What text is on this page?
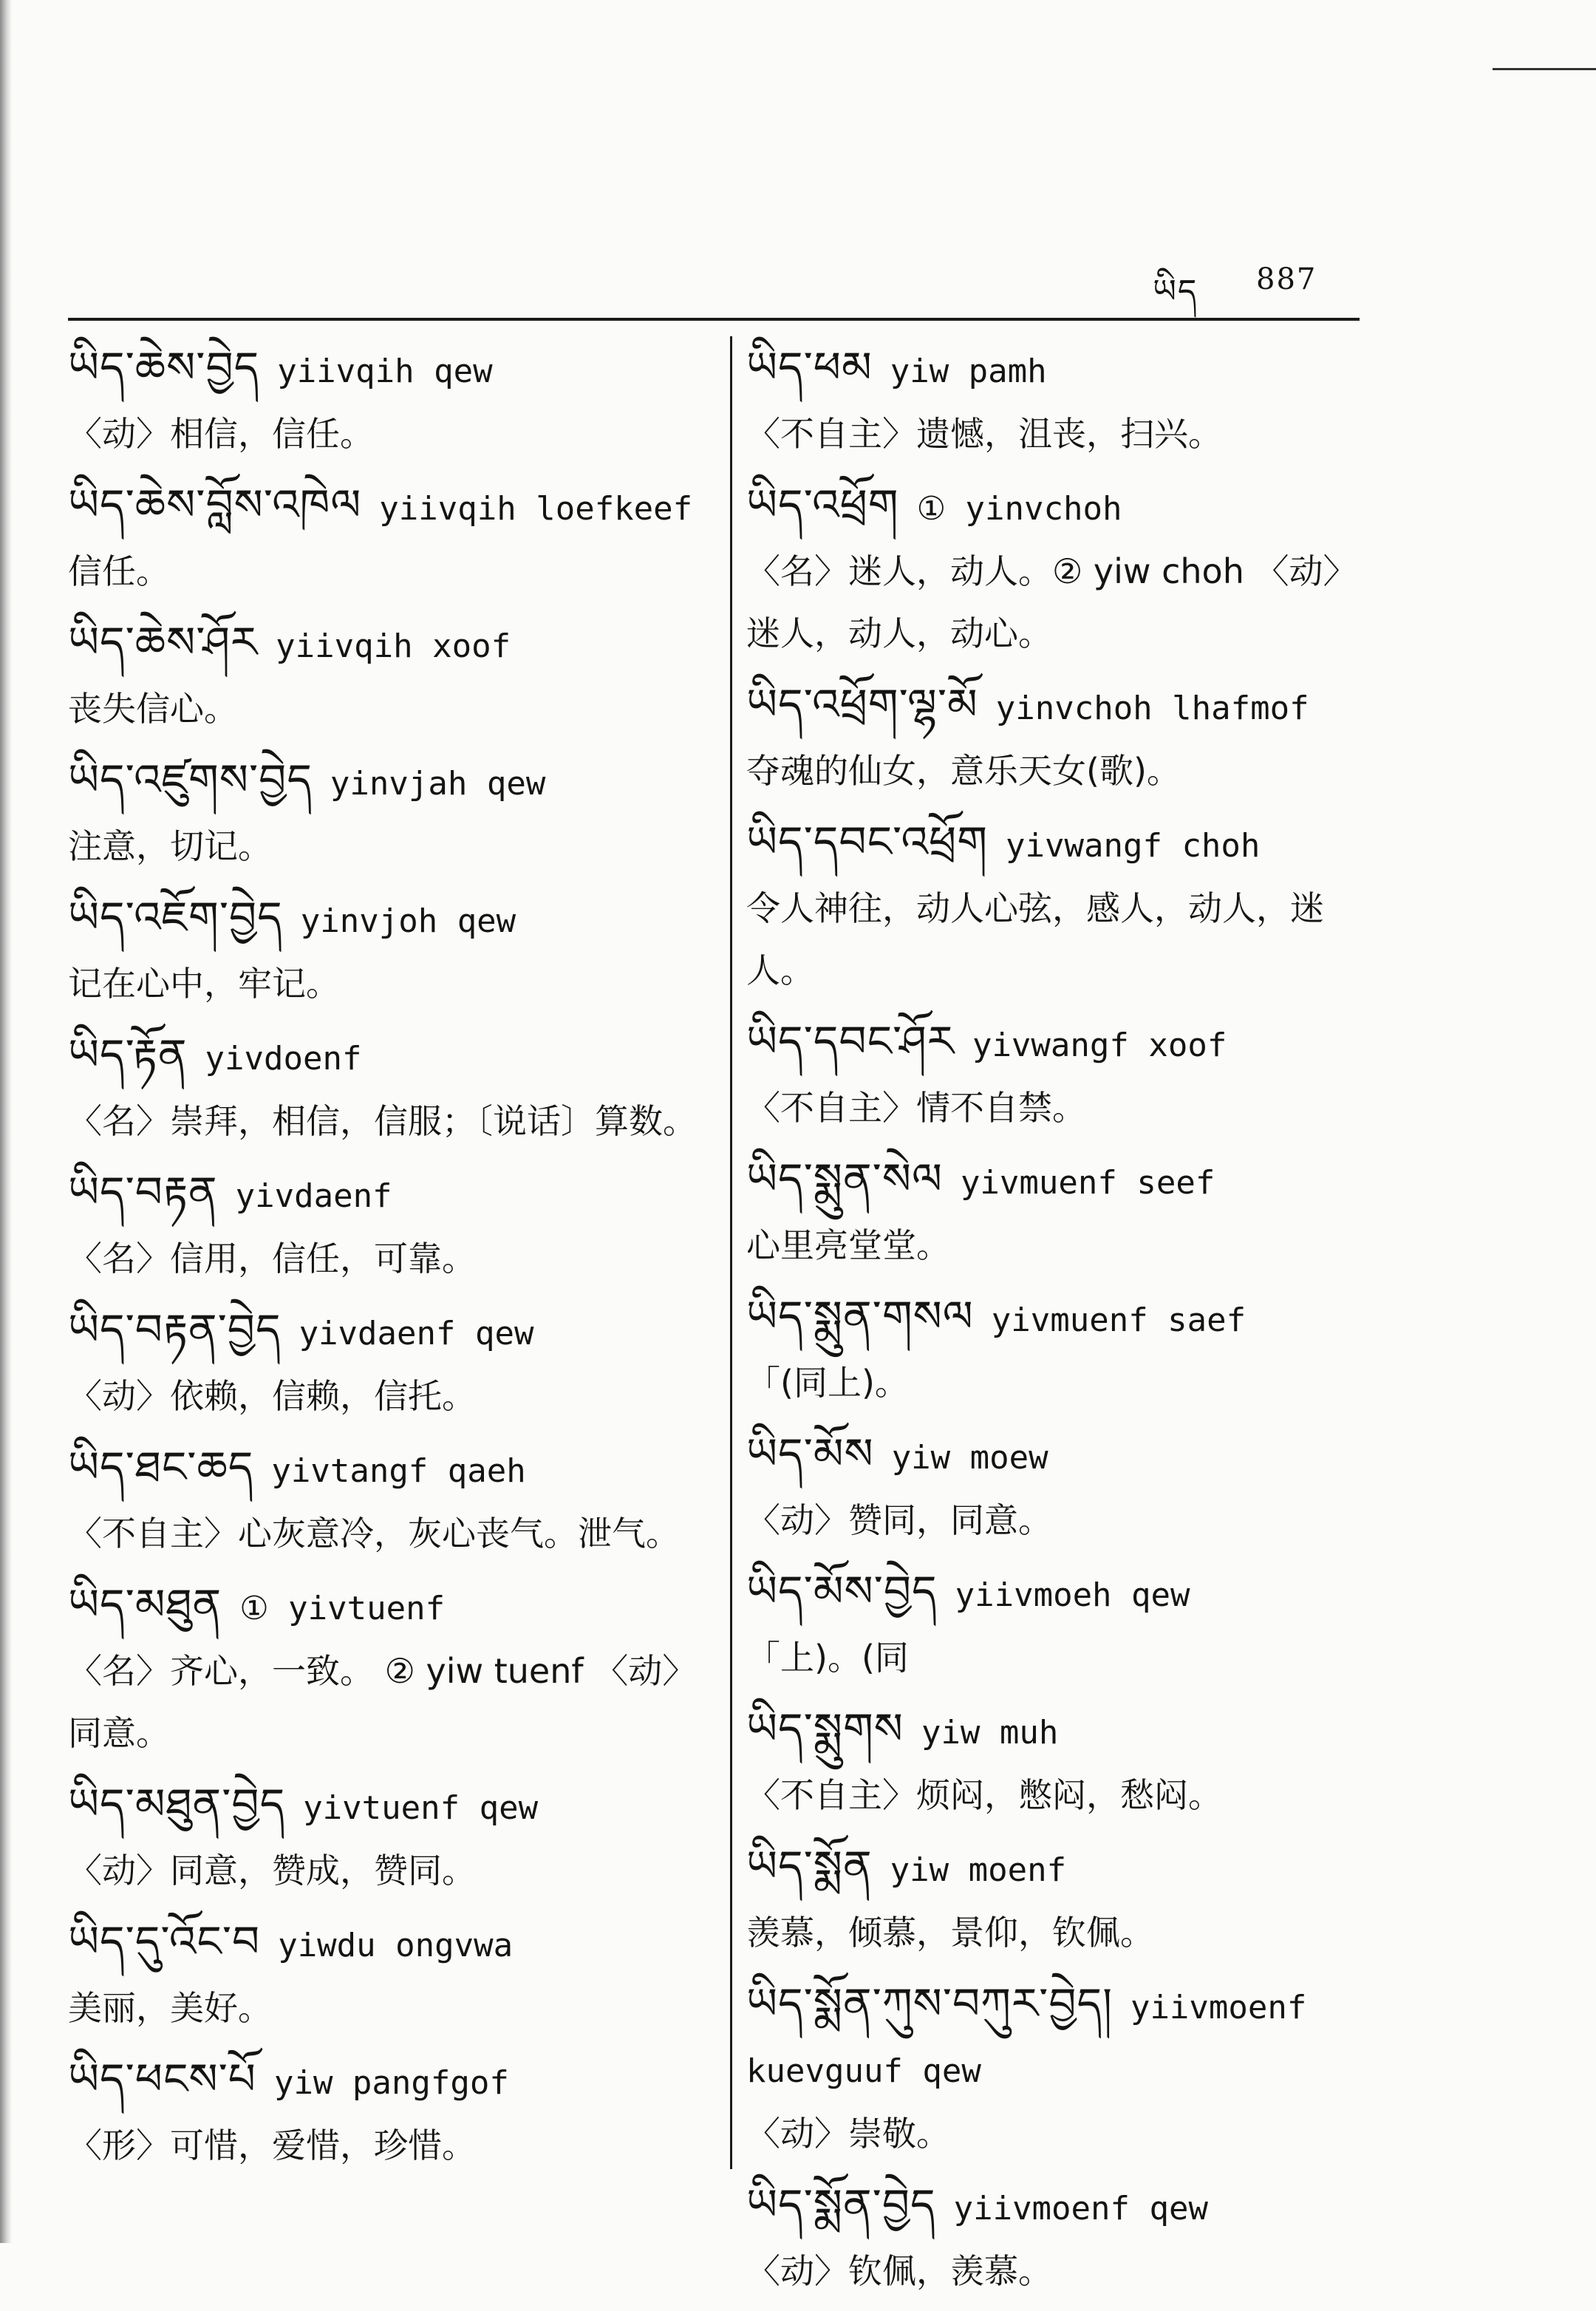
ཡིད 887
ཡིད་ཆེས་བྱེད yiivqih qew
〈动〉相信，信任。
ཡིད་ཆེས་བློས་འཁེལ yiivqih loefkeef
信任。
ཡིད་ཆེས་ཤོར yiivqih xoof
丧失信心。
ཡིད་འཛུགས་བྱེད yinvjah qew
注意，切记。
ཡིད་འཇོག་བྱེད yinvjoh qew
记在心中，牢记。
ཡིད་རྟོན yivdoenf
〈名〉崇拜，相信，信服；〔说话〕算数。
ཡིད་བརྟན yivdaenf
〈名〉信用，信任，可靠。
ཡིད་བརྟན་བྱེད yivdaenf qew
〈动〉依赖，信赖，信托。
ཡིད་ཐང་ཆད yivtangf qaeh
〈不自主〉心灰意冷，灰心丧气。泄气。
ཡིད་མཐུན ① yivtuenf
〈名〉齐心，一致。 ② yiw tuenf 〈动〉同意。
ཡིད་མཐུན་བྱེད yivtuenf qew
〈动〉同意，赞成，赞同。
ཡིད་དུ་འོང་བ yiwdu ongvwa
美丽，美好。
ཡིད་ཕངས་པོ yiw pangfgof
〈形〉可惜，爱惜，珍惜。
ཡིད་ཕམ yiw pamh
〈不自主〉遗憾，沮丧，扫兴。
ཡིད་འཕྲོག ① yinvchoh
〈名〉迷人，动人。② yiw choh 〈动〉迷人，动人，动心。
ཡིད་འཕྲོག་ལྷ་མོ yinvchoh lhafmof
夺魂的仙女，意乐天女(歌)。
ཡིད་དབང་འཕྲོག yivwangf choh
令人神往，动人心弦，感人，动人，迷人。
ཡིད་དབང་ཤོར yivwangf xoof
〈不自主〉情不自禁。
ཡིད་སྨུན་སེལ yivmuenf seef
心里亮堂堂。
ཡིད་སྨུན་གསལ yivmuenf saef
「(同上)。
ཡིད་མོས yiw moew
〈动〉赞同，同意。
ཡིད་མོས་བྱེད yiivmoeh qew
「上)。(同
ཡིད་སྨུགས yiw muh
〈不自主〉烦闷，憋闷，愁闷。
ཡིད་སྨོན yiw moenf
羡慕，倾慕，景仰，钦佩。
ཡིད་སྨོན་ཀུས་བཀུར་བྱེད། yiivmoenf kuevguuf qew
〈动〉崇敬。
ཡིད་སྨོན་བྱེད yiivmoenf qew
〈动〉钦佩，羡慕。
